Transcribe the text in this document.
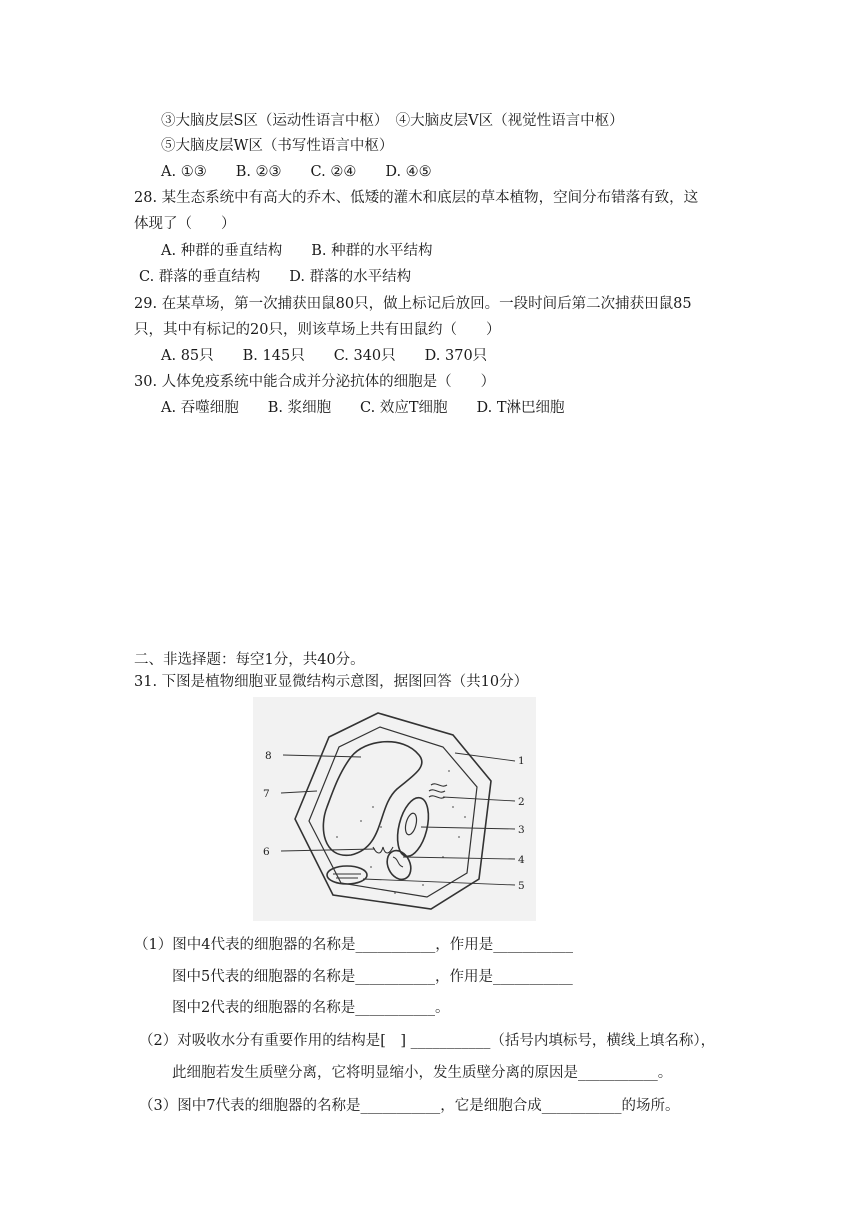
③大脑皮层S区（运动性语言中枢）　④大脑皮层V区（视觉性语言中枢）
⑤大脑皮层W区（书写性语言中枢）
A. ①③　　B. ②③　　C. ②④　　D. ④⑤
28. 某生态系统中有高大的乔木、低矮的灌木和底层的草本植物，空间分布错落有致，这
体现了（　　）
A. 种群的垂直结构　　B. 种群的水平结构
C. 群落的垂直结构　　D. 群落的水平结构
29. 在某草场，第一次捕获田鼠80只，做上标记后放回。一段时间后第二次捕获田鼠85
只，其中有标记的20只，则该草场上共有田鼠约（　　）
A. 85只　　B. 145只　　C. 340只　　D. 370只
30. 人体免疫系统中能合成并分泌抗体的细胞是（　　）
A. 吞噬细胞　　B. 浆细胞　　C. 效应T细胞　　D. T淋巴细胞
二、非选择题：每空1分，共40分。
31. 下图是植物细胞亚显微结构示意图，据图回答（共10分）
1
2
3
4
5
6
7
8
（1）图中4代表的细胞器的名称是___________，作用是___________
图中5代表的细胞器的名称是___________，作用是___________
图中2代表的细胞器的名称是___________。
（2）对吸收水分有重要作用的结构是[　] ___________（括号内填标号，横线上填名称），
此细胞若发生质壁分离，它将明显缩小，发生质壁分离的原因是___________。
（3）图中7代表的细胞器的名称是___________，它是细胞合成___________的场所。
